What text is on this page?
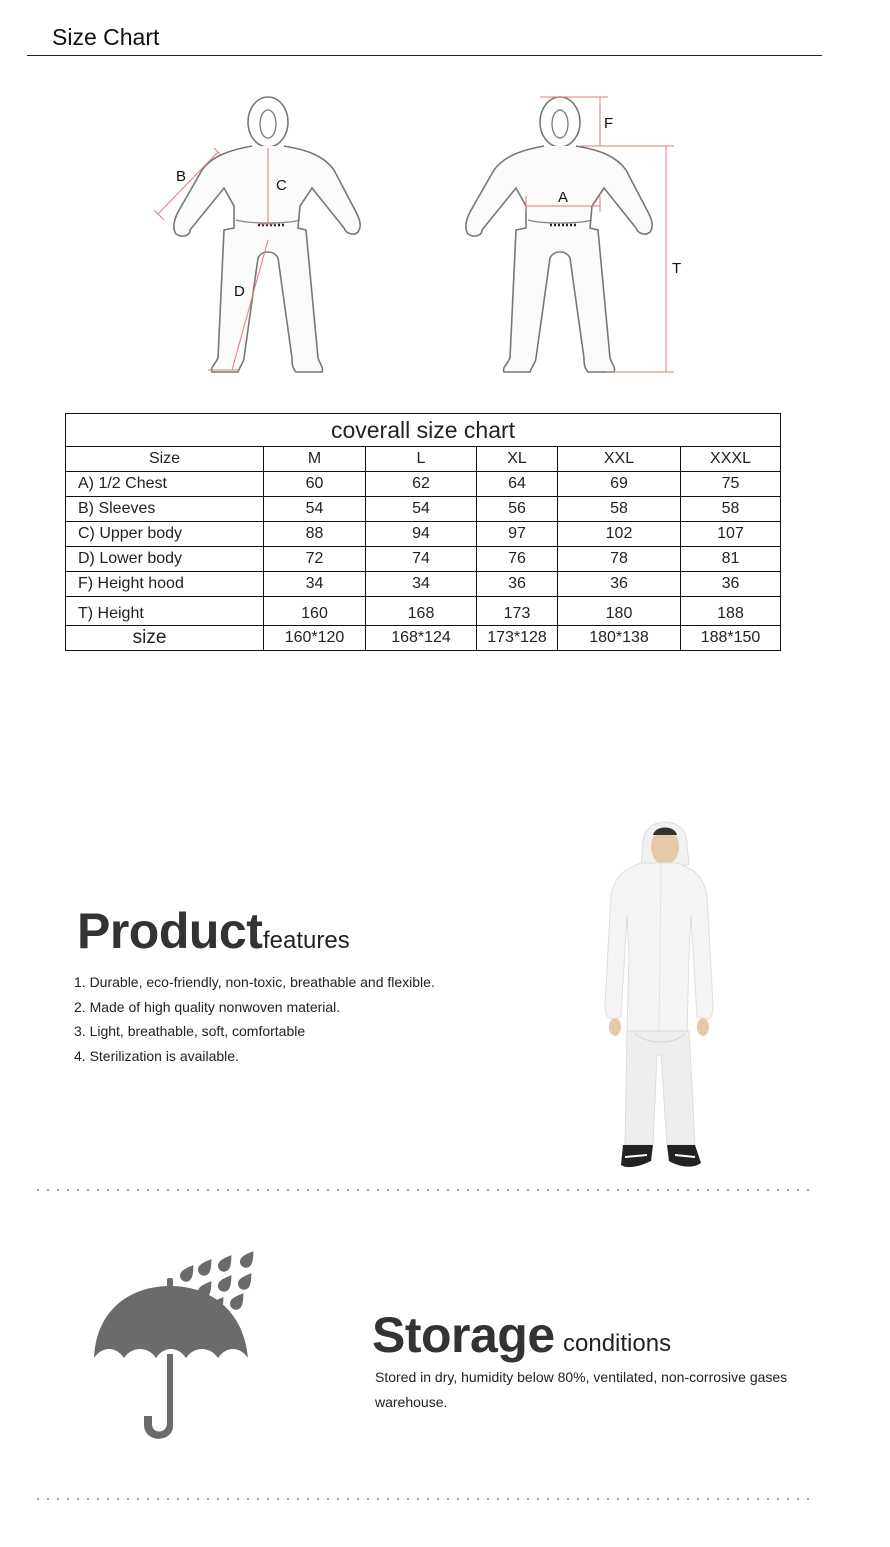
Size Chart
B
C
D
F
A
T
coverall size chart					
Size	M	L	XL	XXL	XXXL
A) 1/2 Chest	60	62	64	69	75
B) Sleeves	54	54	56	58	58
C) Upper body	88	94	97	102	107
D) Lower body	72	74	76	78	81
F) Height hood	34	34	36	36	36
T) Height	160	168	173	180	188
size	160*120	168*124	173*128	180*138	188*150
Product features
1. Durable, eco-friendly, non-toxic, breathable and flexible.
2. Made of high quality nonwoven material.
3. Light, breathable, soft, comfortable
4. Sterilization is available.
Storage conditions
Stored in dry, humidity below 80%, ventilated, non-corrosive gases warehouse.
